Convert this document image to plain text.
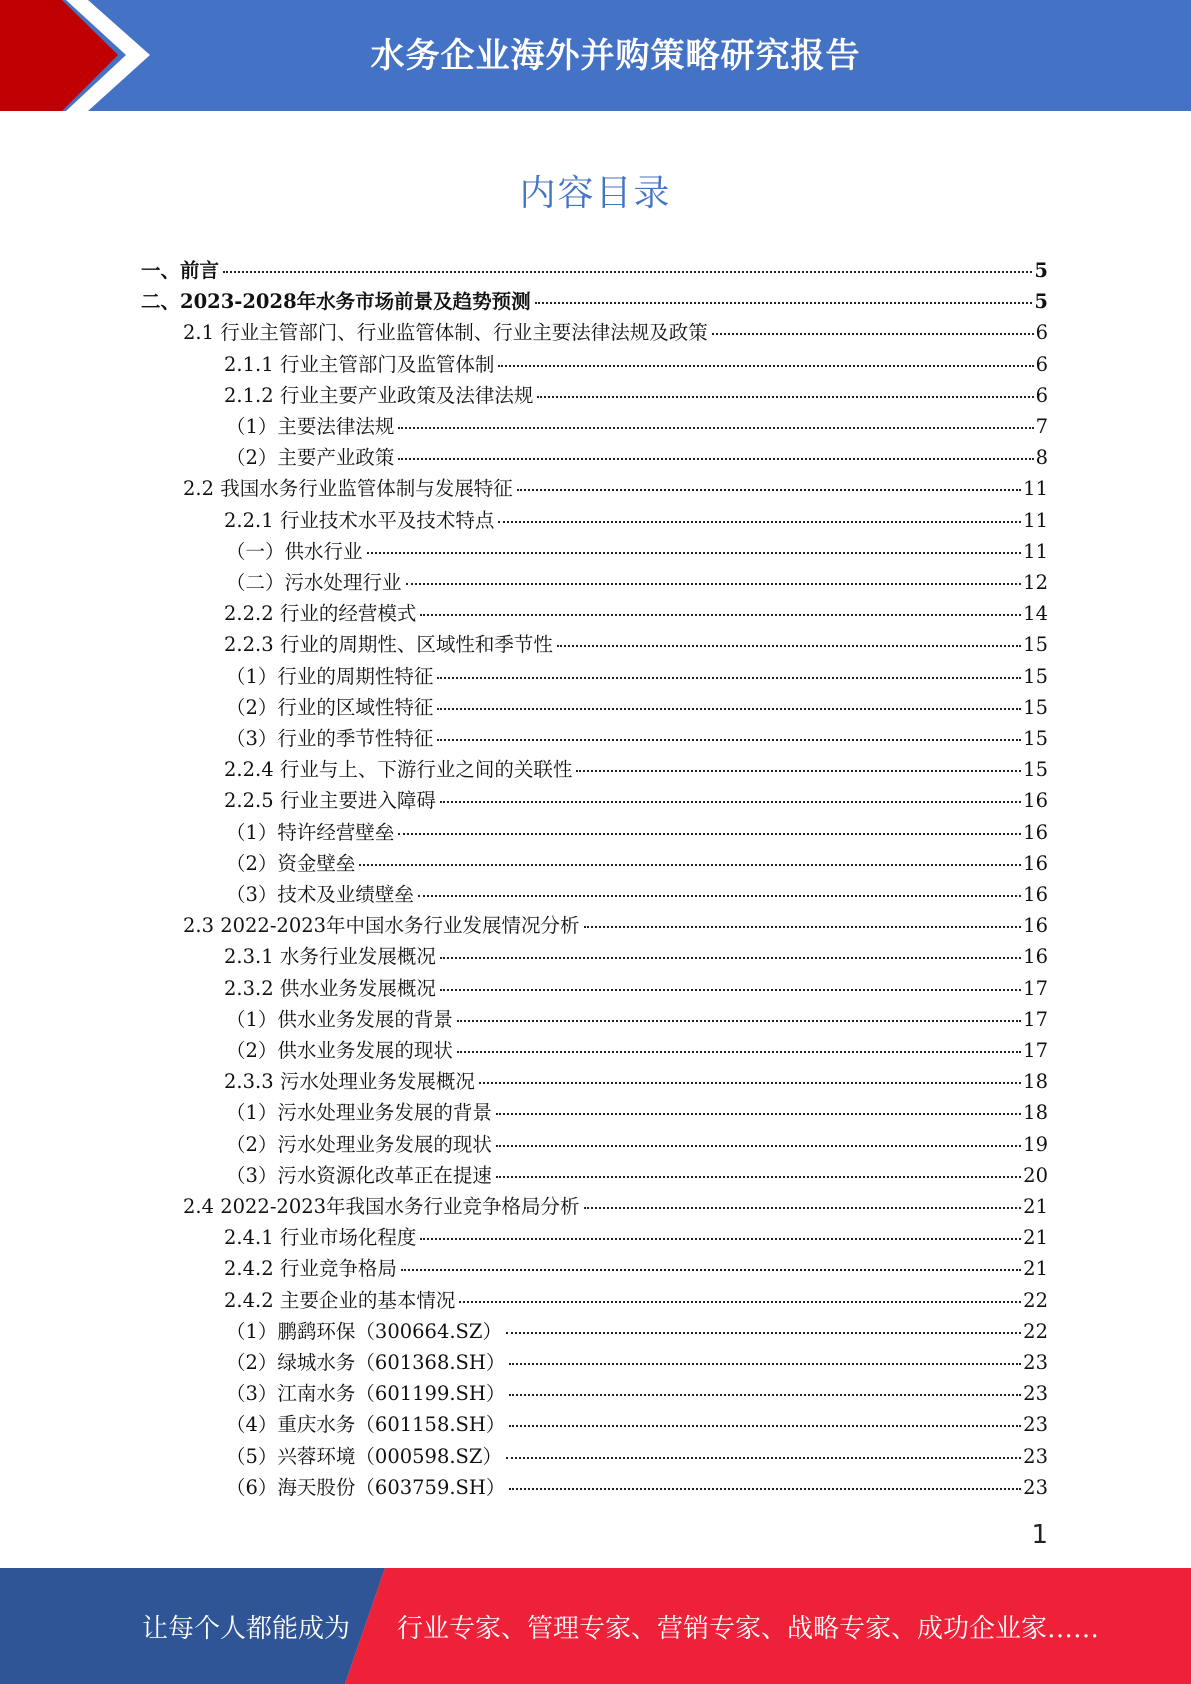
水务企业海外并购策略研究报告
内容目录
一、前言	5
二、2023-2028年水务市场前景及趋势预测	5
2.1 行业主管部门、行业监管体制、行业主要法律法规及政策	6
2.1.1 行业主管部门及监管体制	6
2.1.2 行业主要产业政策及法律法规	6
（1）主要法律法规	7
（2）主要产业政策	8
2.2 我国水务行业监管体制与发展特征	11
2.2.1 行业技术水平及技术特点	11
（一）供水行业	11
（二）污水处理行业	12
2.2.2 行业的经营模式	14
2.2.3 行业的周期性、区域性和季节性	15
（1）行业的周期性特征	15
（2）行业的区域性特征	15
（3）行业的季节性特征	15
2.2.4 行业与上、下游行业之间的关联性	15
2.2.5 行业主要进入障碍	16
（1）特许经营壁垒	16
（2）资金壁垒	16
（3）技术及业绩壁垒	16
2.3 2022-2023年中国水务行业发展情况分析	16
2.3.1 水务行业发展概况	16
2.3.2 供水业务发展概况	17
（1）供水业务发展的背景	17
（2）供水业务发展的现状	17
2.3.3 污水处理业务发展概况	18
（1）污水处理业务发展的背景	18
（2）污水处理业务发展的现状	19
（3）污水资源化改革正在提速	20
2.4 2022-2023年我国水务行业竞争格局分析	21
2.4.1 行业市场化程度	21
2.4.2 行业竞争格局	21
2.4.2 主要企业的基本情况	22
（1）鹏鹞环保（300664.SZ）	22
（2）绿城水务（601368.SH）	23
（3）江南水务（601199.SH）	23
（4）重庆水务（601158.SH）	23
（5）兴蓉环境（000598.SZ）	23
（6）海天股份（603759.SH）	23
1
让每个人都能成为 行业专家、管理专家、营销专家、战略专家、成功企业家……
